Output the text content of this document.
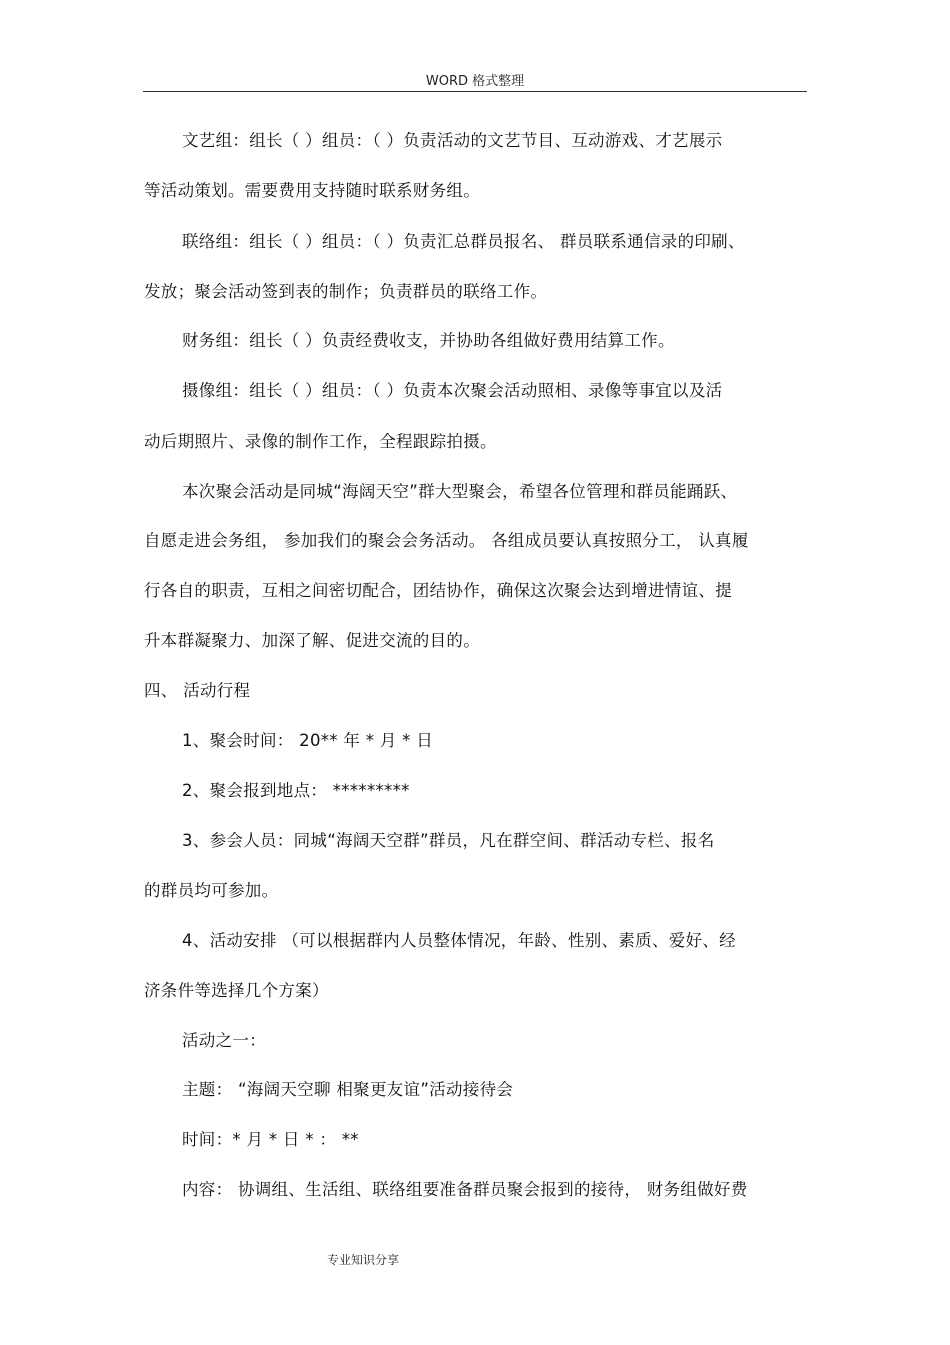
WORD 格式整理
文艺组：组长（ ）组员：（ ）负责活动的文艺节目、互动游戏、才艺展示
等活动策划。需要费用支持随时联系财务组。
联络组：组长（ ）组员：（ ）负责汇总群员报名、 群员联系通信录的印刷、
发放；聚会活动签到表的制作；负责群员的联络工作。
财务组：组长（ ）负责经费收支，并协助各组做好费用结算工作。
摄像组：组长（ ）组员：（ ）负责本次聚会活动照相、录像等事宜以及活
动后期照片、录像的制作工作，全程跟踪拍摄。
本次聚会活动是同城“海阔天空”群大型聚会，希望各位管理和群员能踊跃、
自愿走进会务组， 参加我们的聚会会务活动。 各组成员要认真按照分工， 认真履
行各自的职责，互相之间密切配合，团结协作，确保这次聚会达到增进情谊、提
升本群凝聚力、加深了解、促进交流的目的。
四、 活动行程
1、聚会时间： 20** 年 * 月 * 日
2、聚会报到地点： *********
3、参会人员：同城“海阔天空群”群员，凡在群空间、群活动专栏、报名
的群员均可参加。
4、活动安排 （可以根据群内人员整体情况，年龄、性别、素质、爱好、经
济条件等选择几个方案）
活动之一：
主题： “海阔天空聊 相聚更友谊”活动接待会
时间：* 月 * 日 * ： **
内容： 协调组、生活组、联络组要准备群员聚会报到的接待， 财务组做好费
专业知识分享
